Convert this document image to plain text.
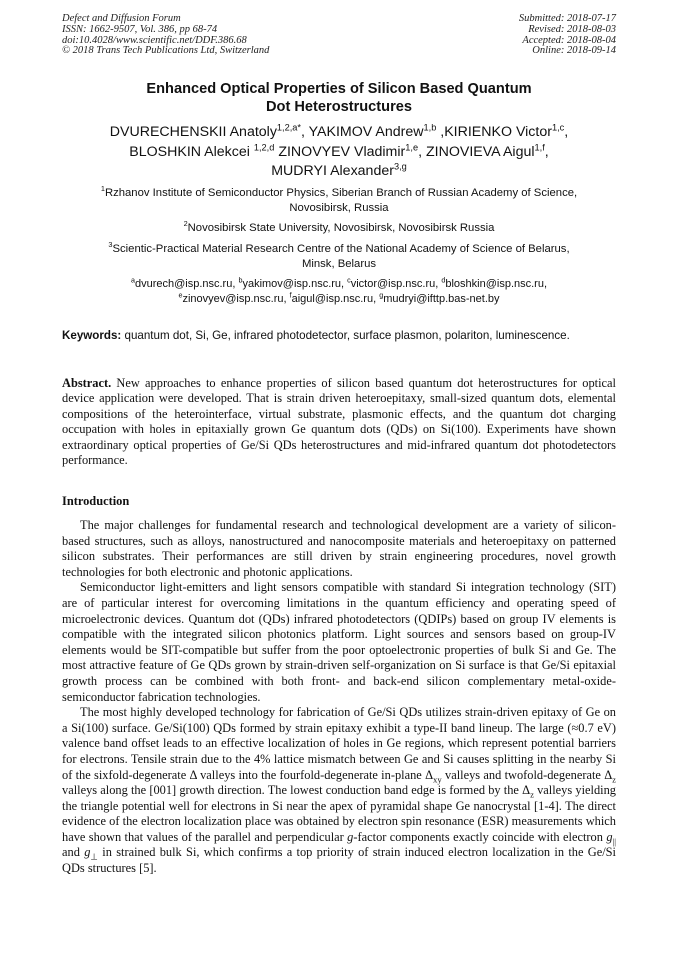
Defect and Diffusion Forum
ISSN: 1662-9507, Vol. 386, pp 68-74
doi:10.4028/www.scientific.net/DDF.386.68
© 2018 Trans Tech Publications Ltd, Switzerland
Submitted: 2018-07-17
Revised: 2018-08-03
Accepted: 2018-08-04
Online: 2018-09-14
Enhanced Optical Properties of Silicon Based Quantum
Dot Heterostructures
DVURECHENSKII Anatoly$^{1,2,a*}$, YAKIMOV Andrew$^{1,b}$ ,KIRIENKO Victor$^{1,c}$,
BLOSHKIN Alekcei $^{1,2,d}$ ZINOVYEV Vladimir$^{1,e}$, ZINOVIEVA Aigul$^{1,f}$,
MUDRYI Alexander$^{3,g}$
$^1$Rzhanov Institute of Semiconductor Physics, Siberian Branch of Russian Academy of Science,
Novosibirsk, Russia
$^2$Novosibirsk State University, Novosibirsk, Novosibirsk Russia
$^3$Scientic-Practical Material Research Centre of the National Academy of Science of Belarus,
Minsk, Belarus
$^a$dvurech@isp.nsc.ru, $^b$yakimov@isp.nsc.ru, $^c$victor@isp.nsc.ru, $^d$bloshkin@isp.nsc.ru,
$^e$zinovyev@isp.nsc.ru, $^f$aigul@isp.nsc.ru, $^g$mudryi@ifttp.bas-net.by
Keywords: quantum dot, Si, Ge, infrared photodetector, surface plasmon, polariton, luminescence.
Abstract. New approaches to enhance properties of silicon based quantum dot heterostructures for optical device application were developed. That is strain driven heteroepitaxy, small-sized quantum dots, elemental compositions of the heterointerface, virtual substrate, plasmonic effects, and the quantum dot charging occupation with holes in epitaxially grown Ge quantum dots (QDs) on Si(100). Experiments have shown extraordinary optical properties of Ge/Si QDs heterostructures and mid-infrared quantum dot photodetectors performance.
Introduction

The major challenges for fundamental research and technological development are a variety of silicon-based structures, such as alloys, nanostructured and nanocomposite materials and heteroepitaxy on patterned silicon substrates. Their performances are still driven by strain engineering procedures, novel growth technologies for both electronic and photonic applications.

Semiconductor light-emitters and light sensors compatible with standard Si integration technology (SIT) are of particular interest for overcoming limitations in the quantum efficiency and operating speed of microelectronic devices. Quantum dot (QDs) infrared photodetectors (QDIPs) based on group IV elements is compatible with the integrated silicon photonics platform. Light sources and sensors based on group-IV elements would be SIT-compatible but suffer from the poor optoelectronic properties of bulk Si and Ge. The most attractive feature of Ge QDs grown by strain-driven self-organization on Si surface is that Ge/Si epitaxial growth process can be combined with both front- and back-end silicon complementary metal-oxide-semiconductor fabrication technologies.

The most highly developed technology for fabrication of Ge/Si QDs utilizes strain-driven epitaxy of Ge on a Si(100) surface. Ge/Si(100) QDs formed by strain epitaxy exhibit a type-II band lineup. The large (≈0.7 eV) valence band offset leads to an effective localization of holes in Ge regions, which represent potential barriers for electrons. Tensile strain due to the 4% lattice mismatch between Ge and Si causes splitting in the nearby Si of the sixfold-degenerate Δ valleys into the fourfold-degenerate in-plane $\Delta_{xy}$ valleys and twofold-degenerate $\Delta_z$ valleys along the [001] growth direction. The lowest conduction band edge is formed by the $\Delta_z$ valleys yielding the triangle potential well for electrons in Si near the apex of pyramidal shape Ge nanocrystal [1-4]. The direct evidence of the electron localization place was obtained by electron spin resonance (ESR) measurements which have shown that values of the parallel and perpendicular g-factor components exactly coincide with electron $g_{||}$ and $g_\perp$ in strained bulk Si, which confirms a top priority of strain induced electron localization in the Ge/Si QDs structures [5].
